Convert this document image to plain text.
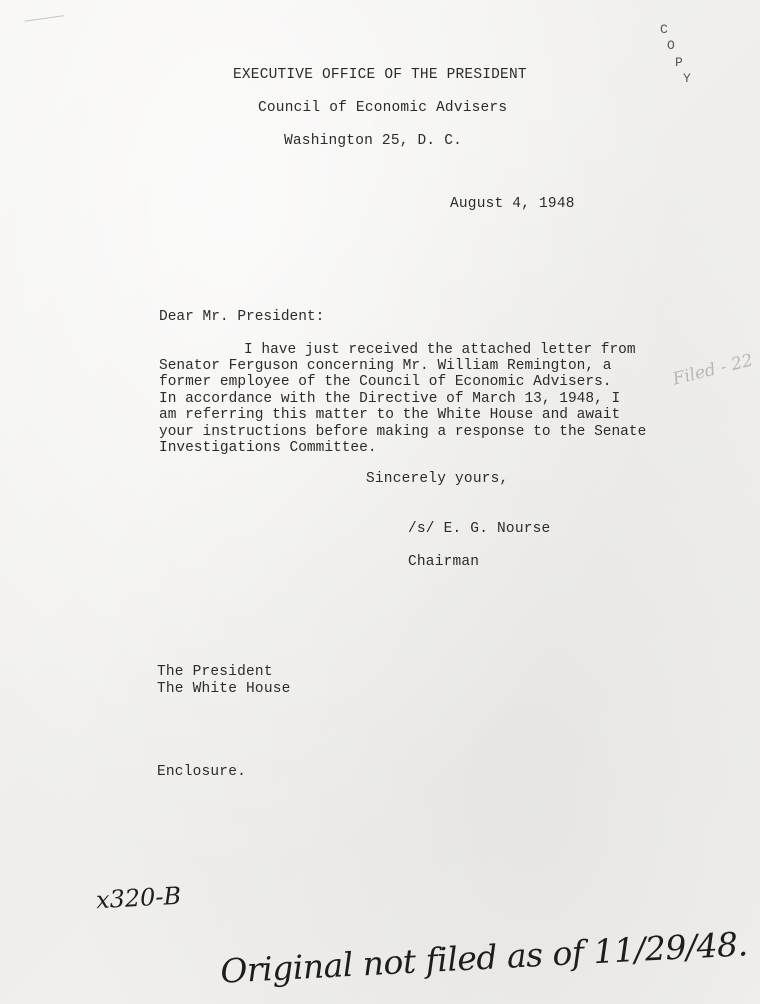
EXECUTIVE OFFICE OF THE PRESIDENT
Council of Economic Advisers
Washington 25, D. C.
C
O
P
Y
August 4, 1948
Dear Mr. President:
I have just received the attached letter from
Senator Ferguson concerning Mr. William Remington, a
former employee of the Council of Economic Advisers.
In accordance with the Directive of March 13, 1948, I
am referring this matter to the White House and await
your instructions before making a response to the Senate
Investigations Committee.
Filed - 22
Sincerely yours,
/s/ E. G. Nourse
Chairman
The President
The White House
Enclosure.
x320-B
Original not filed as of 11/29/48.
